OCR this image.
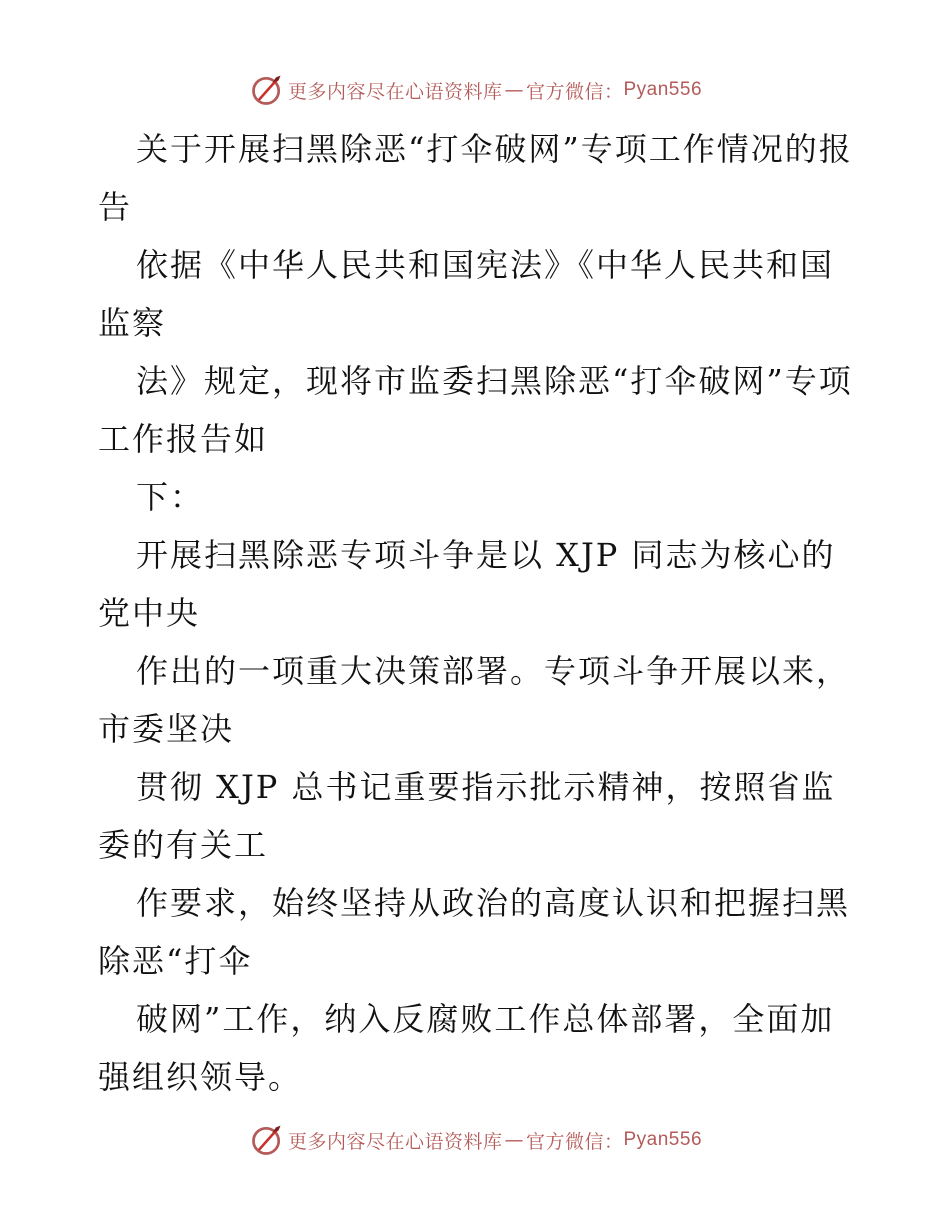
更多内容尽在心语资料库 — 官方微信： Pyan556

关于开展扫黑除恶“打伞破网”专项工作情况的报告

依据《中华人民共和国宪法》《中华人民共和国监察

法》规定，现将市监委扫黑除恶“打伞破网”专项工作报告如

下：

开展扫黑除恶专项斗争是以 XJP 同志为核心的党中央

作出的一项重大决策部署。专项斗争开展以来，市委坚决

贯彻 XJP 总书记重要指示批示精神，按照省监委的有关工

作要求，始终坚持从政治的高度认识和把握扫黑除恶“打伞

破网”工作，纳入反腐败工作总体部署，全面加强组织领导。

更多内容尽在心语资料库 — 官方微信： Pyan556
